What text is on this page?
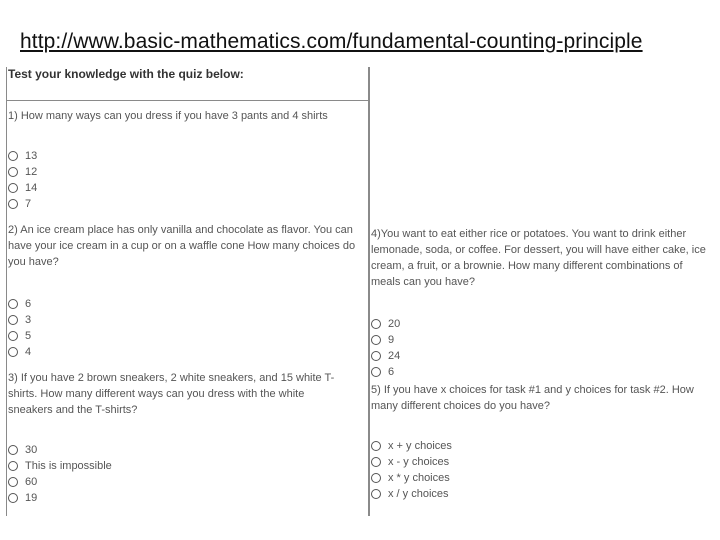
http://www.basic-mathematics.com/fundamental-counting-principle
Test your knowledge with the quiz below:
1) How many ways can you dress if you have 3 pants and 4 shirts
13
12
14
7
2) An ice cream place has only vanilla and chocolate as flavor. You can have your ice cream in a cup or on a waffle cone How many choices do you have?
6
3
5
4
3) If you have 2 brown sneakers, 2 white sneakers, and 15 white T-shirts. How many different ways can you dress with the white sneakers and the T-shirts?
30
This is impossible
60
19
4)You want to eat either rice or potatoes. You want to drink either lemonade, soda, or coffee. For dessert, you will have either cake, ice cream, a fruit, or a brownie. How many different combinations of meals can you have?
20
9
24
6
5) If you have x choices for task #1 and y choices for task #2. How many different choices do you have?
x + y choices
x - y choices
x * y choices
x / y choices
